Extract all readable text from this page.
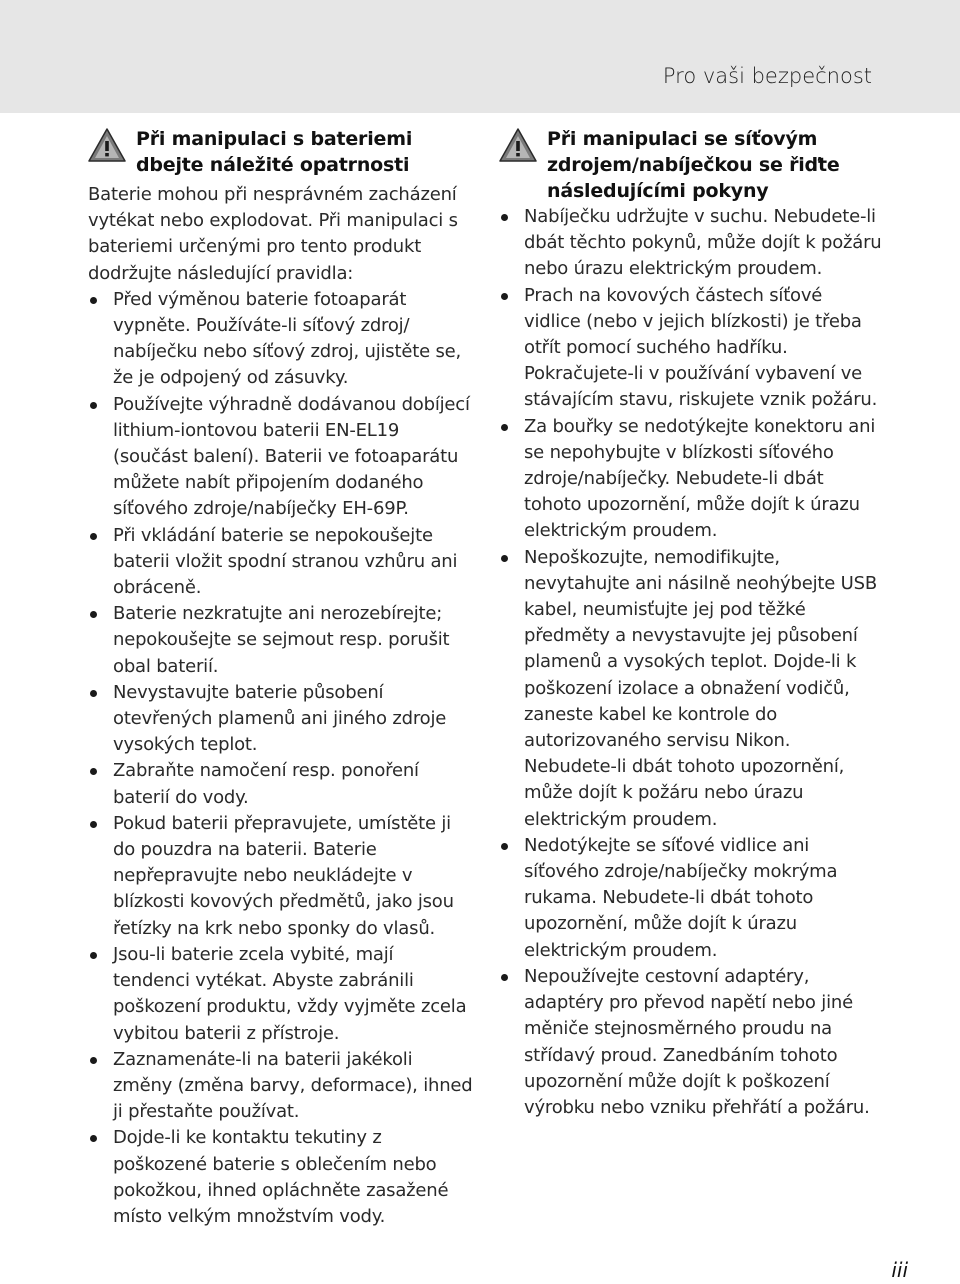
Pro vaši bezpečnost
Při manipulaci s bateriemi dbejte náležité opatrnosti

Baterie mohou při nesprávném zacházení vytékat nebo explodovat. Při manipulaci s bateriemi určenými pro tento produkt dodržujte následující pravidla:

Před výměnou baterie fotoaparát vypněte. Používáte-li síťový zdroj/ nabíječku nebo síťový zdroj, ujistěte se, že je odpojený od zásuvky.
Používejte výhradně dodávanou dobíjecí lithium-iontovou baterii EN-EL19 (součást balení). Baterii ve fotoaparátu můžete nabít připojením dodaného síťového zdroje/nabíječky EH-69P.
Při vkládání baterie se nepokoušejte baterii vložit spodní stranou vzhůru ani obráceně.
Baterie nezkratujte ani nerozebírejte; nepokoušejte se sejmout resp. porušit obal baterií.
Nevystavujte baterie působení otevřených plamenů ani jiného zdroje vysokých teplot.
Zabraňte namočení resp. ponoření baterií do vody.
Pokud baterii přepravujete, umístěte ji do pouzdra na baterii. Baterie nepřepravujte nebo neukládejte v blízkosti kovových předmětů, jako jsou řetízky na krk nebo sponky do vlasů.
Jsou-li baterie zcela vybité, mají tendenci vytékat. Abyste zabránili poškození produktu, vždy vyjměte zcela vybitou baterii z přístroje.
Zaznamenáte-li na baterii jakékoli změny (změna barvy, deformace), ihned ji přestaňte používat.
Dojde-li ke kontaktu tekutiny z poškozené baterie s oblečením nebo pokožkou, ihned opláchněte zasažené místo velkým množstvím vody.
Při manipulaci se síťovým zdrojem/nabíječkou se řiďte následujícími pokyny
Nabíječku udržujte v suchu. Nebudete-li dbát těchto pokynů, může dojít k požáru nebo úrazu elektrickým proudem.
Prach na kovových částech síťové vidlice (nebo v jejich blízkosti) je třeba otřít pomocí suchého hadříku. Pokračujete-li v používání vybavení ve stávajícím stavu, riskujete vznik požáru.
Za bouřky se nedotýkejte konektoru ani se nepohybujte v blízkosti síťového zdroje/nabíječky. Nebudete-li dbát tohoto upozornění, může dojít k úrazu elektrickým proudem.
Nepoškozujte, nemodifikujte, nevytahujte ani násilně neohýbejte USB kabel, neumisťujte jej pod těžké předměty a nevystavujte jej působení plamenů a vysokých teplot. Dojde-li k poškození izolace a obnažení vodičů, zaneste kabel ke kontrole do autorizovaného servisu Nikon. Nebudete-li dbát tohoto upozornění, může dojít k požáru nebo úrazu elektrickým proudem.
Nedotýkejte se síťové vidlice ani síťového zdroje/nabíječky mokrýma rukama. Nebudete-li dbát tohoto upozornění, může dojít k úrazu elektrickým proudem.
Nepoužívejte cestovní adaptéry, adaptéry pro převod napětí nebo jiné měniče stejnosměrného proudu na střídavý proud. Zanedbáním tohoto upozornění může dojít k poškození výrobku nebo vzniku přehřátí a požáru.
iii
